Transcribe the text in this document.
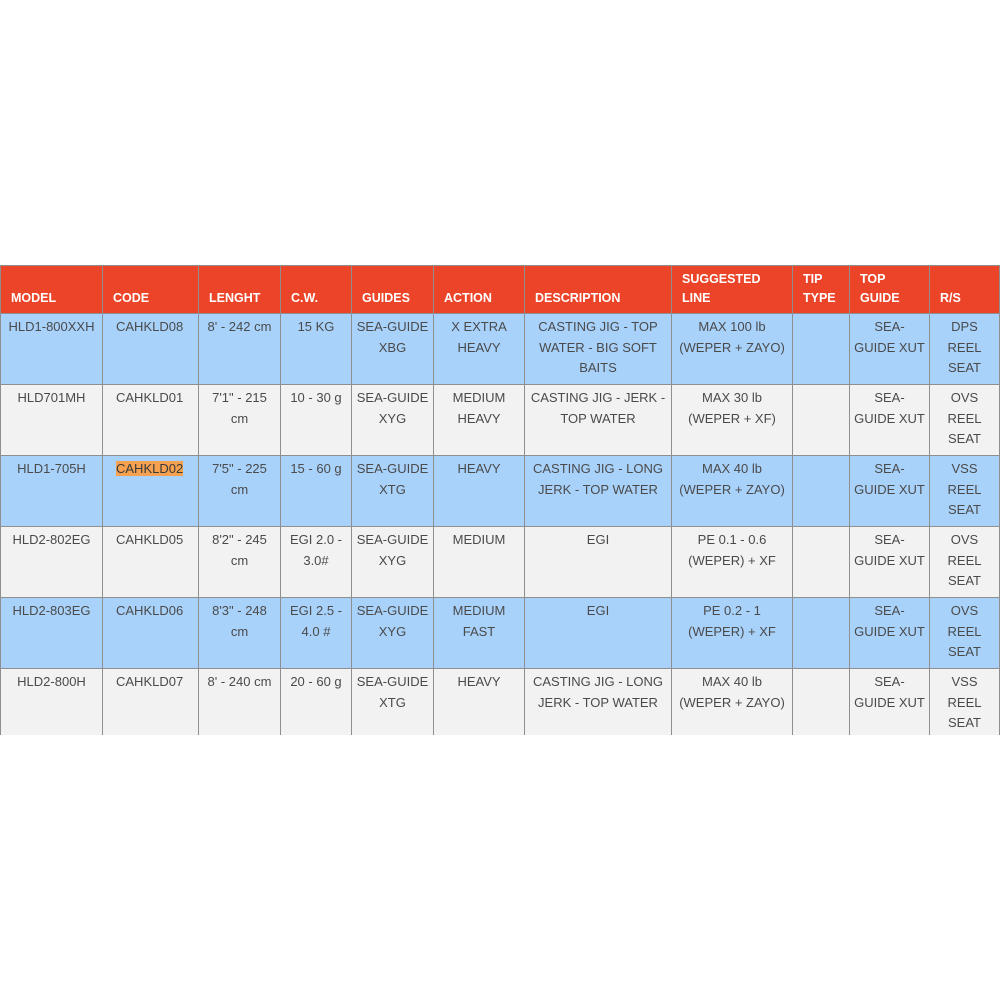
MODEL	CODE	LENGHT	C.W.	GUIDES	ACTION	DESCRIPTION	SUGGESTED LINE	TIP TYPE	TOP GUIDE	R/S
HLD1-800XXH	CAHKLD08	8' - 242 cm	15 KG	SEA-GUIDE XBG	X EXTRA HEAVY	CASTING JIG - TOP WATER - BIG SOFT BAITS	MAX 100 lb (WEPER + ZAYO)		SEA-GUIDE XUT	DPS REEL SEAT
HLD701MH	CAHKLD01	7'1" - 215 cm	10 - 30 g	SEA-GUIDE XYG	MEDIUM HEAVY	CASTING JIG - JERK - TOP WATER	MAX 30 lb (WEPER + XF)		SEA-GUIDE XUT	OVS REEL SEAT
HLD1-705H	CAHKLD02	7'5" - 225 cm	15 - 60 g	SEA-GUIDE XTG	HEAVY	CASTING JIG - LONG JERK - TOP WATER	MAX 40 lb (WEPER + ZAYO)		SEA-GUIDE XUT	VSS REEL SEAT
HLD2-802EG	CAHKLD05	8'2" - 245 cm	EGI 2.0 - 3.0#	SEA-GUIDE XYG	MEDIUM	EGI	PE 0.1 - 0.6 (WEPER) + XF		SEA-GUIDE XUT	OVS REEL SEAT
HLD2-803EG	CAHKLD06	8'3" - 248 cm	EGI 2.5 - 4.0 #	SEA-GUIDE XYG	MEDIUM FAST	EGI	PE 0.2 - 1 (WEPER) + XF		SEA-GUIDE XUT	OVS REEL SEAT
HLD2-800H	CAHKLD07	8' - 240 cm	20 - 60 g	SEA-GUIDE XTG	HEAVY	CASTING JIG - LONG JERK - TOP WATER	MAX 40 lb (WEPER + ZAYO)		SEA-GUIDE XUT	VSS REEL SEAT
